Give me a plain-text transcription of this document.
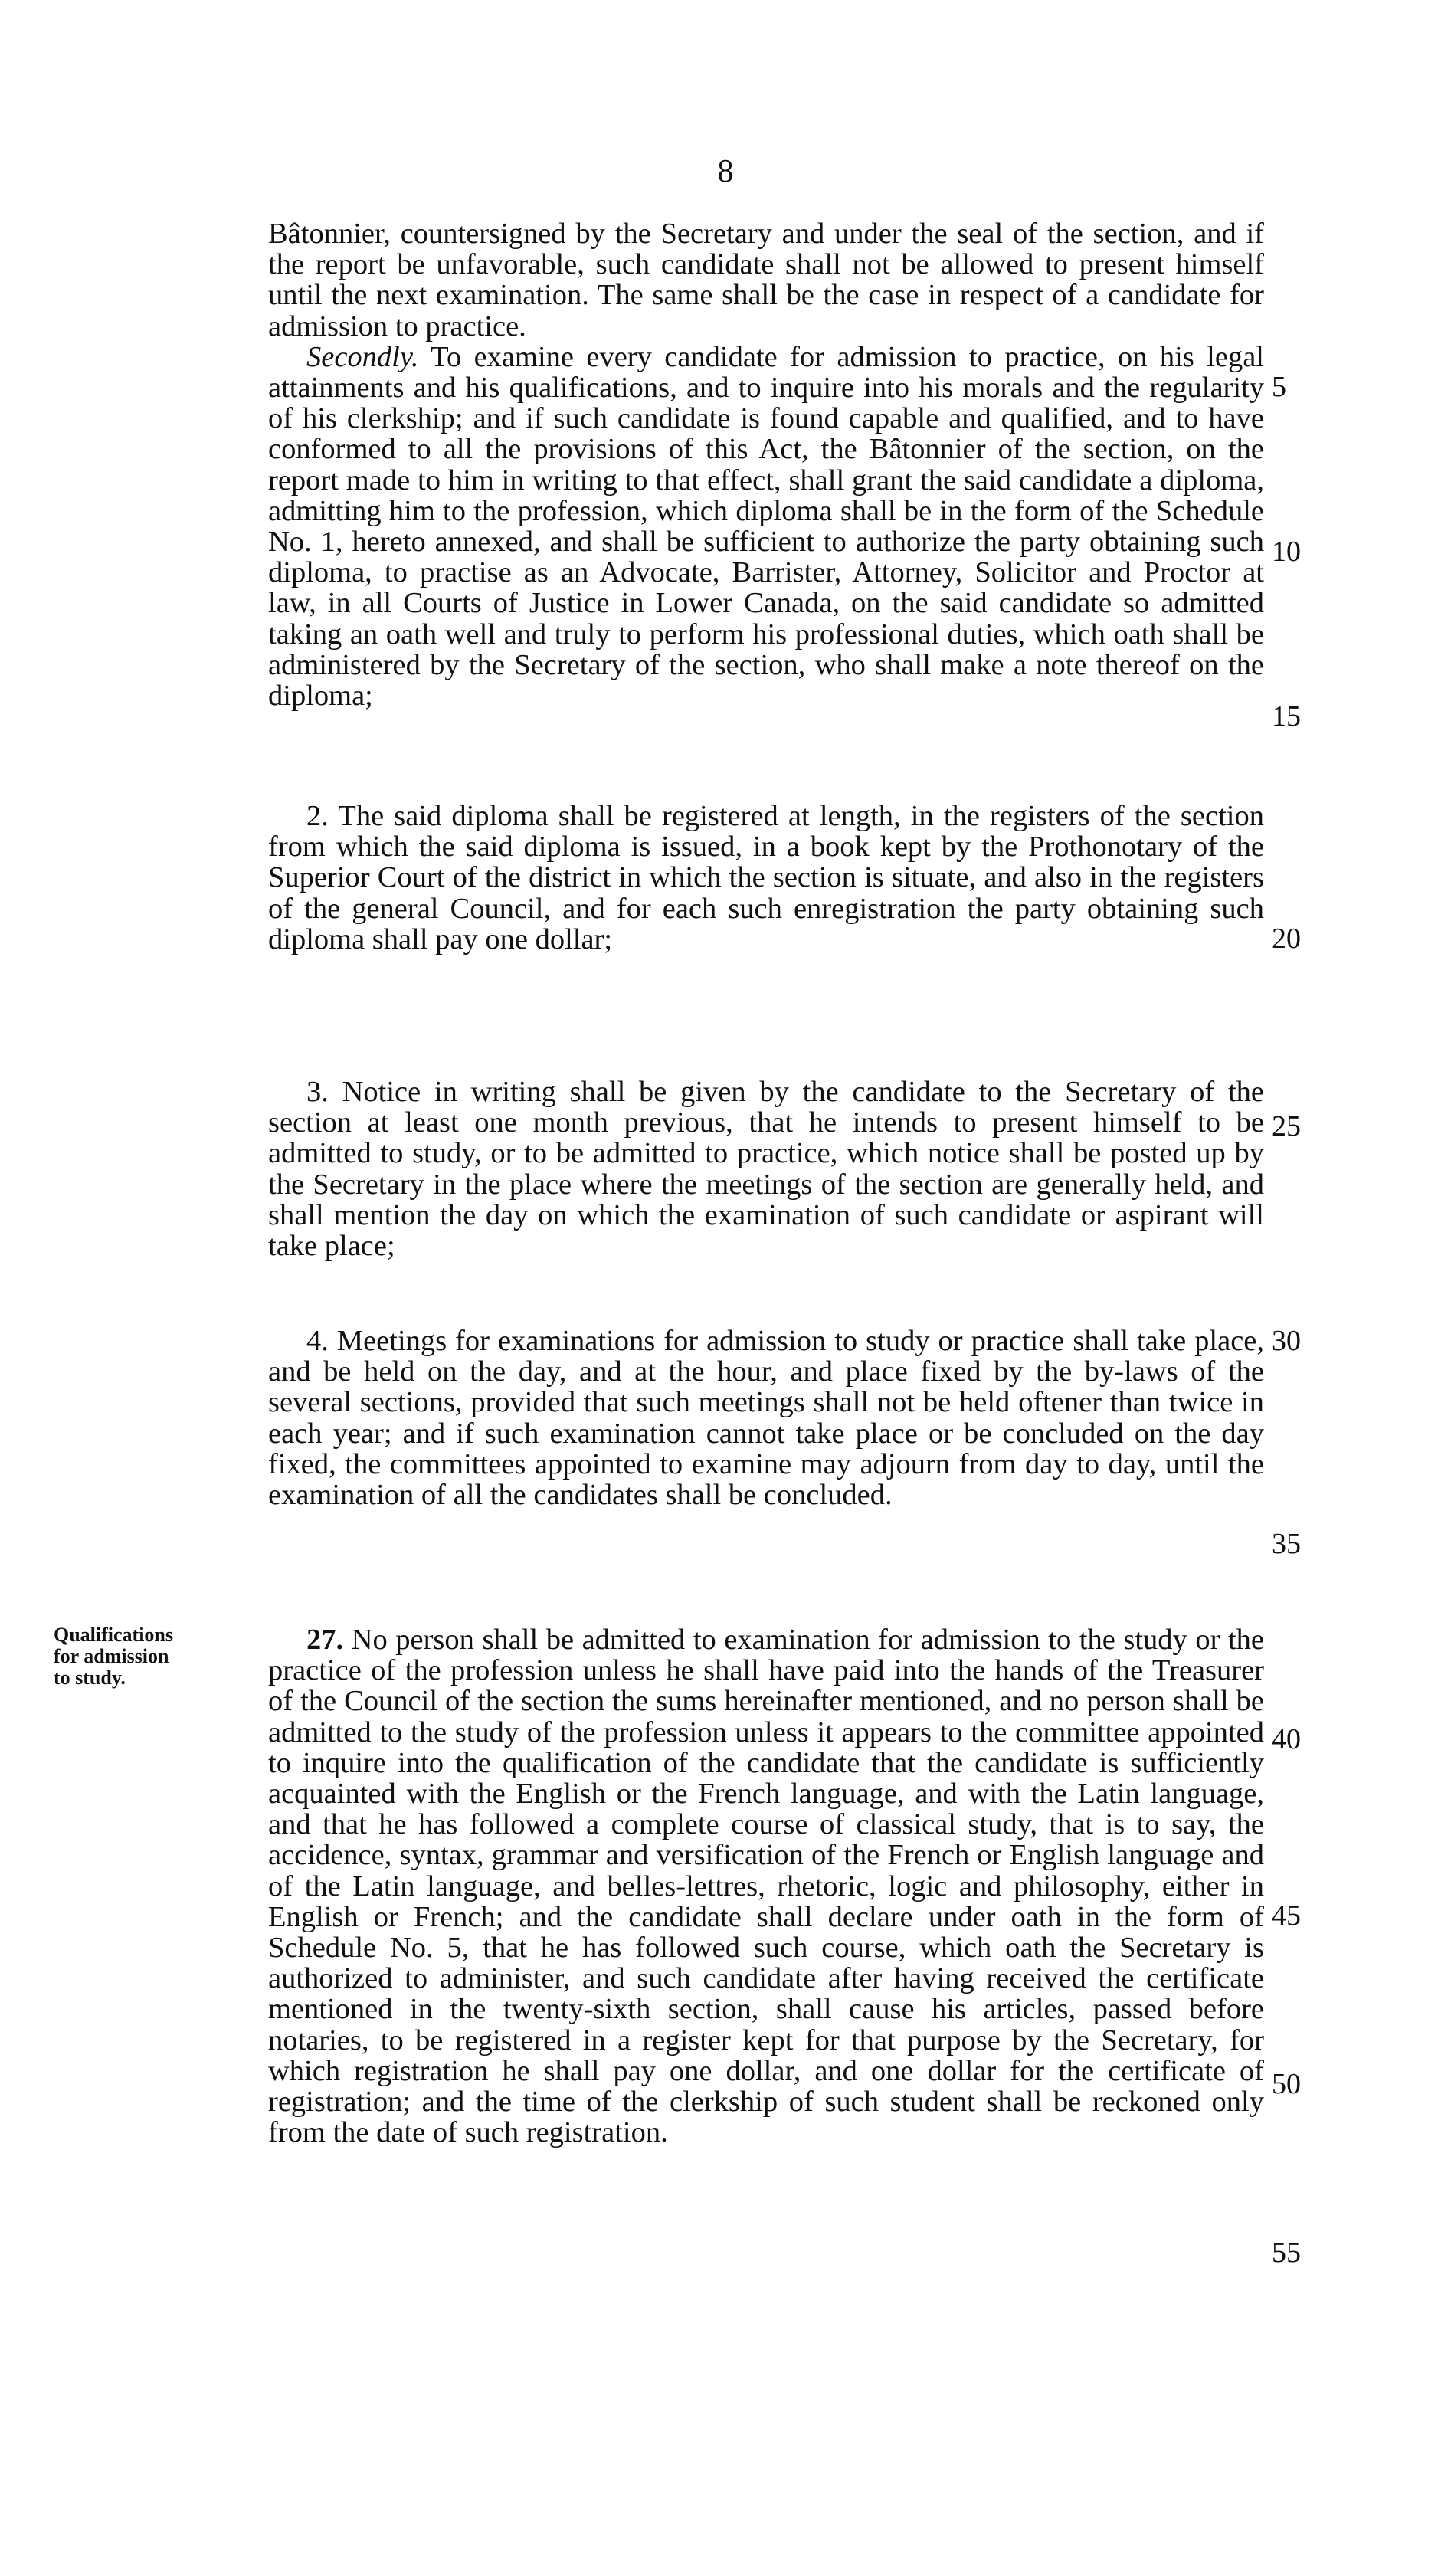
8

Bâtonnier, countersigned by the Secretary and under the seal of the section, and if the report be unfavorable, such candidate shall not be allowed to present himself until the next examination. The same shall be the case in respect of a candidate for admission to practice.

Secondly. To examine every candidate for admission to practice, on his legal attainments and his qualifications, and to inquire into his morals and the regularity of his clerkship; and if such candidate is found capable and qualified, and to have conformed to all the provisions of this Act, the Bâtonnier of the section, on the report made to him in writing to that effect, shall grant the said candidate a diploma, admitting him to the profession, which diploma shall be in the form of the Schedule No. 1, hereto annexed, and shall be sufficient to authorize the party obtaining such diploma, to practise as an Advocate, Barrister, Attorney, Solicitor and Proctor at law, in all Courts of Justice in Lower Canada, on the said candidate so admitted taking an oath well and truly to perform his professional duties, which oath shall be administered by the Secretary of the section, who shall make a note thereof on the diploma;

2. The said diploma shall be registered at length, in the registers of the section from which the said diploma is issued, in a book kept by the Prothonotary of the Superior Court of the district in which the section is situate, and also in the registers of the general Council, and for each such enregistration the party obtaining such diploma shall pay one dollar;

3. Notice in writing shall be given by the candidate to the Secretary of the section at least one month previous, that he intends to present himself to be admitted to study, or to be admitted to practice, which notice shall be posted up by the Secretary in the place where the meetings of the section are generally held, and shall mention the day on which the examination of such candidate or aspirant will take place;

4. Meetings for examinations for admission to study or practice shall take place, and be held on the day, and at the hour, and place fixed by the by-laws of the several sections, provided that such meetings shall not be held oftener than twice in each year; and if such examination cannot take place or be concluded on the day fixed, the committees appointed to examine may adjourn from day to day, until the examination of all the candidates shall be concluded.

Qualifications
for admission
to study.

27. No person shall be admitted to examination for admission to the study or the practice of the profession unless he shall have paid into the hands of the Treasurer of the Council of the section the sums hereinafter mentioned, and no person shall be admitted to the study of the profession unless it appears to the committee appointed to inquire into the qualification of the candidate that the candidate is sufficiently acquainted with the English or the French language, and with the Latin language, and that he has followed a complete course of classical study, that is to say, the accidence, syntax, grammar and versification of the French or English language and of the Latin language, and belles-lettres, rhetoric, logic and philosophy, either in English or French; and the candidate shall declare under oath in the form of Schedule No. 5, that he has followed such course, which oath the Secretary is authorized to administer, and such candidate after having received the certificate mentioned in the twenty-sixth section, shall cause his articles, passed before notaries, to be registered in a register kept for that purpose by the Secretary, for which registration he shall pay one dollar, and one dollar for the certificate of registration; and the time of the clerkship of such student shall be reckoned only from the date of such registration.

5
10
15
20
25
30
35
40
45
50
55
